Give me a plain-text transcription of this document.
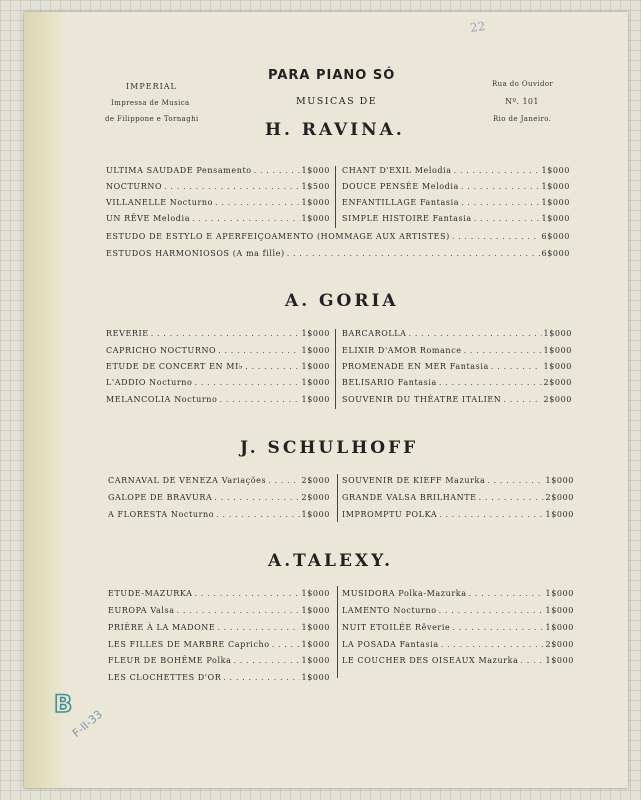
22
IMPERIAL
Impressa de Musica
de Filippone e Tornaghi
PARA PIANO SÓ
MUSICAS DE
Rua do Ouvidor
Nº. 101
Rio de Janeiro.
H. RAVINA.
ULTIMA SAUDADE Pensamento . . .	1$000
NOCTURNO . . .	1$500
VILLANELLE Nocturno . . .	1$000
UN RÊVE Melodia . . .	1$000
CHANT D'EXIL Melodia . . .	1$000
DOUCE PENSÉE Melodia . . .	1$000
ENFANTILLAGE Fantasia . . .	1$000
SIMPLE HISTOIRE Fantasia . . .	1$000
ESTUDO DE ESTYLO E APERFEIÇOAMENTO (HOMMAGE AUX ARTISTES) . . .	6$000
ESTUDOS HARMONIOSOS (A ma fille) . . .	6$000
A. GORIA
REVERIE . . .	1$000
CAPRICHO NOCTURNO . . .	1$000
ETUDE DE CONCERT EN MI♭ . . .	1$000
L'ADDIO Nocturno . . .	1$000
MELANCOLIA Nocturno . . .	1$000
BARCAROLLA . . .	1$000
ELIXIR D'AMOR Romance . . .	1$000
PROMENADE EN MER Fantasia . . .	1$000
BELISARIO Fantasia . . .	2$000
SOUVENIR DU THÉATRE ITALIEN . . .	2$000
J. SCHULHOFF
CARNAVAL DE VENEZA Variações . . .	2$000
GALOPE DE BRAVURA . . .	2$000
A FLORESTA Nocturno . . .	1$000
SOUVENIR DE KIEFF Mazurka . . .	1$000
GRANDE VALSA BRILHANTE . . .	2$000
IMPROMPTU POLKA . . .	1$000
A.TALEXY.
ETUDE-MAZURKA . . .	1$000
EUROPA Valsa . . .	1$000
PRIÈRE À LA MADONE . . .	1$000
LES FILLES DE MARBRE Capricho . . .	1$000
FLEUR DE BOHÊME Polka . . .	1$000
LES CLOCHETTES D'OR . . .	1$000
MUSIDORA Polka-Mazurka . . .	1$000
LAMENTO Nocturno . . .	1$000
NUIT ETOILÉE Rêverie . . .	1$000
LA POSADA Fantasia . . .	2$000
LE COUCHER DES OISEAUX Mazurka . . .	1$000
B
F-II-33
